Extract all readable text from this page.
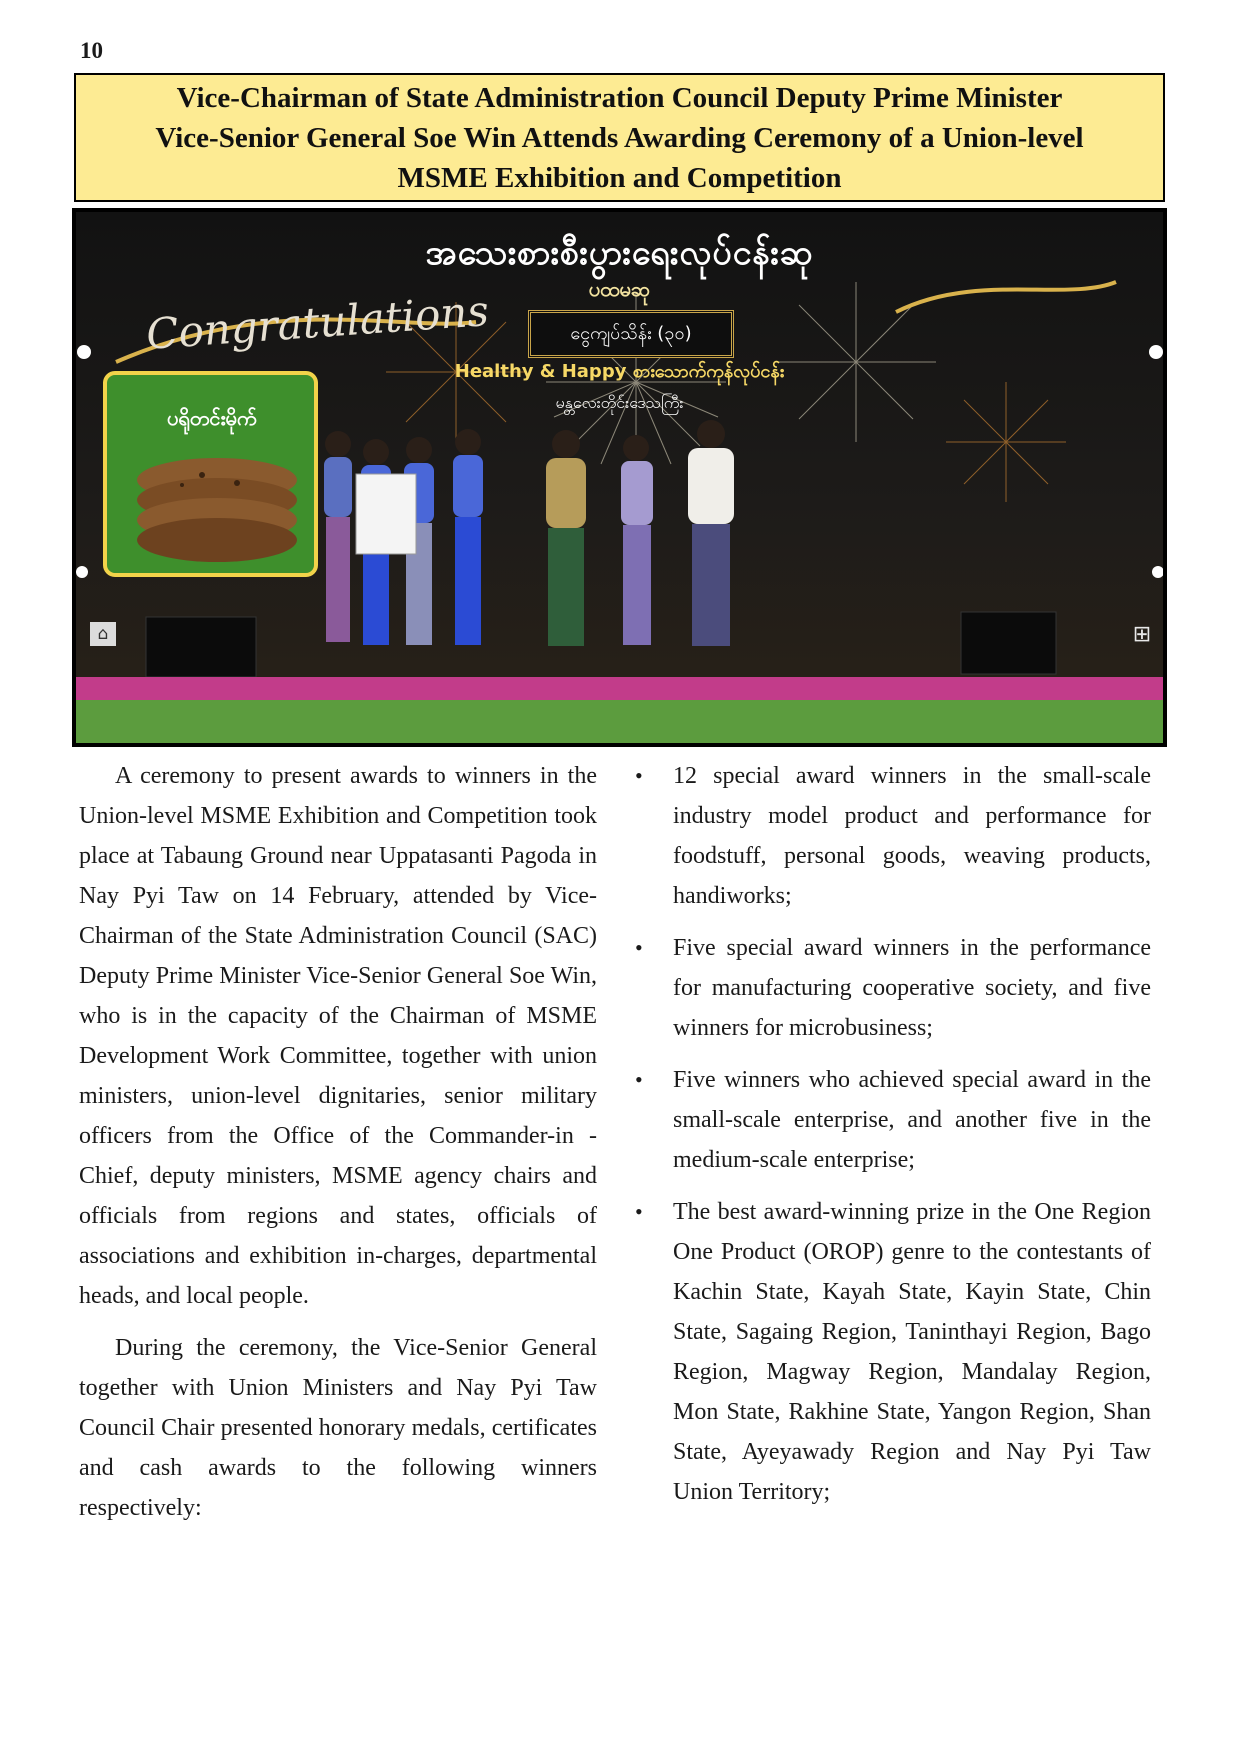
10
Vice-Chairman of State Administration Council Deputy Prime Minister
Vice-Senior General Soe Win Attends Awarding Ceremony of a Union-level
MSME Exhibition and Competition
အသေးစားစီးပွားရေးလုပ်ငန်းဆု
ပထမဆု
Congratulations	ငွေကျပ်သိန်း (၃၀)
Healthy & Happy စားသောက်ကုန်လုပ်ငန်း
မန္တလေးတိုင်းဒေသကြီး
ပရိုတင်းမိုက်
⌂	⊞

A ceremony to present awards to winners in the Union-level MSME Exhibition and Competition took place at Tabaung Ground near Uppatasanti Pagoda in Nay Pyi Taw on 14 February, attended by Vice-Chairman of the State Administration Council (SAC) Deputy Prime Minister Vice-Senior General Soe Win, who is in the capacity of the Chairman of MSME Development Work Committee, together with union ministers, union-level dignitaries, senior military officers from the Office of the Commander-in - Chief, deputy ministers, MSME agency chairs and officials from regions and states, officials of associations and exhibition in-charges, departmental heads, and local people.

During the ceremony, the Vice-Senior General together with Union Ministers and Nay Pyi Taw Council Chair presented honorary medals, certificates and cash awards to the following winners respectively:

• 12 special award winners in the small-scale industry model product and performance for foodstuff, personal goods, weaving products, handiworks;
• Five special award winners in the performance for manufacturing cooperative society, and five winners for microbusiness;
• Five winners who achieved special award in the small-scale enterprise, and another five in the medium-scale enterprise;
• The best award-winning prize in the One Region One Product (OROP) genre to the contestants of Kachin State, Kayah State, Kayin State, Chin State, Sagaing Region, Taninthayi Region, Bago Region, Magway Region, Mandalay Region, Mon State, Rakhine State, Yangon Region, Shan State, Ayeyawady Region and Nay Pyi Taw Union Territory;
